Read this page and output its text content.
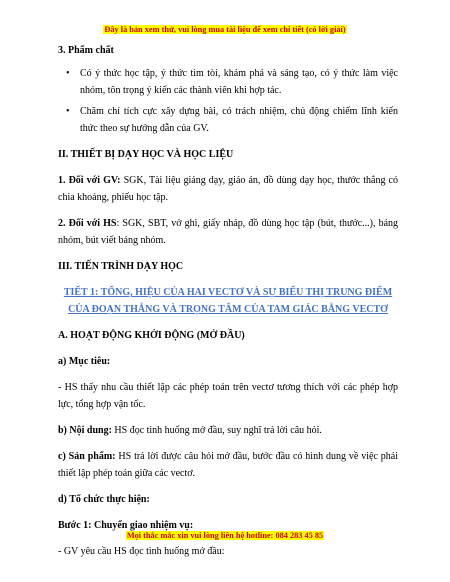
Đây là bản xem thử, vui lòng mua tài liệu để xem chi tiết (có lời giải)

3. Phẩm chất

• Có ý thức học tập, ý thức tìm tòi, khám phá và sáng tạo, có ý thức làm việc nhóm, tôn trọng ý kiến các thành viên khi hợp tác.
• Chăm chỉ tích cực xây dựng bài, có trách nhiệm, chủ động chiếm lĩnh kiến thức theo sự hướng dẫn của GV.

II. THIẾT BỊ DẠY HỌC VÀ HỌC LIỆU

1. Đối với GV: SGK, Tài liệu giảng dạy, giáo án, đồ dùng dạy học, thước thẳng có chia khoảng, phiếu học tập.

2. Đối với HS: SGK, SBT, vở ghi, giấy nháp, đồ dùng học tập (bút, thước...), bảng nhóm, bút viết bảng nhóm.

III. TIẾN TRÌNH DẠY HỌC

TIẾT 1: TỔNG, HIỆU CỦA HAI VECTƠ VÀ SỰ BIỂU THỊ TRUNG ĐIỂM CỦA ĐOẠN THẲNG VÀ TRỌNG TÂM CỦA TAM GIÁC BẰNG VECTƠ

A. HOẠT ĐỘNG KHỞI ĐỘNG (MỞ ĐẦU)

a) Mục tiêu:

- HS thấy nhu cầu thiết lập các phép toán trên vectơ tương thích với các phép hợp lực, tổng hợp vận tốc.

b) Nội dung: HS đọc tình huống mở đầu, suy nghĩ trả lời câu hỏi.

c) Sản phẩm: HS trả lời được câu hỏi mở đầu, bước đầu có hình dung về việc phải thiết lập phép toán giữa các vectơ.

d) Tổ chức thực hiện:

Bước 1: Chuyển giao nhiệm vụ:

- GV yêu cầu HS đọc tình huống mở đầu:

Mọi thắc mắc xin vui lòng liên hệ hotline: 084 283 45 85
